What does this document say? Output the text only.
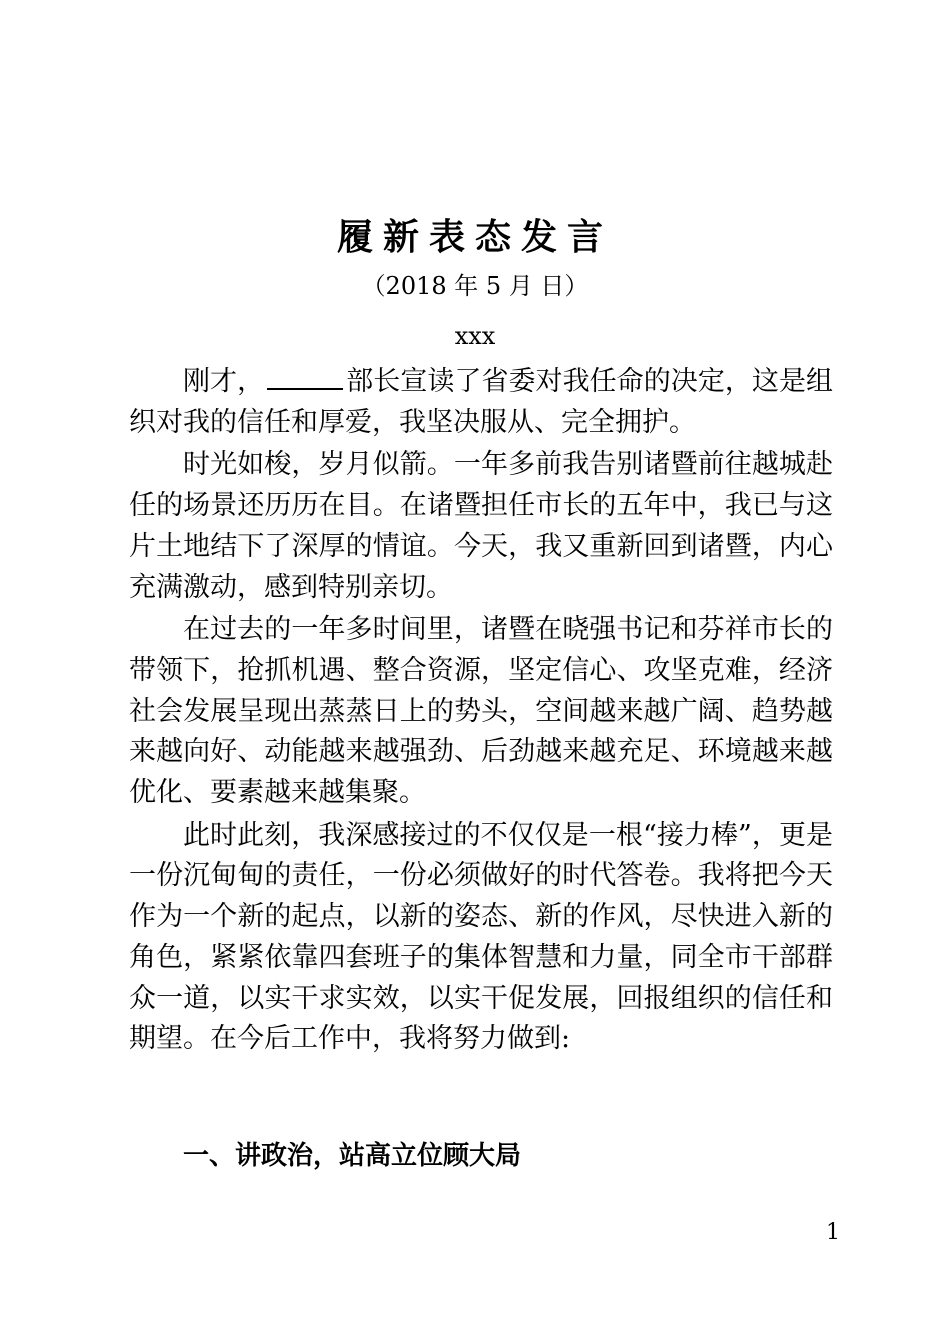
履新表态发言
（2018 年 5 月 日）
xxx

刚才，	部长宣读了省委对我任命的决定，这是组织对我的信任和厚爱，我坚决服从、完全拥护。

时光如梭，岁月似箭。一年多前我告别诸暨前往越城赴任的场景还历历在目。在诸暨担任市长的五年中，我已与这片土地结下了深厚的情谊。今天，我又重新回到诸暨，内心充满激动，感到特别亲切。

在过去的一年多时间里，诸暨在晓强书记和芬祥市长的带领下，抢抓机遇、整合资源，坚定信心、攻坚克难，经济社会发展呈现出蒸蒸日上的势头，空间越来越广阔、趋势越来越向好、动能越来越强劲、后劲越来越充足、环境越来越优化、要素越来越集聚。

此时此刻，我深感接过的不仅仅是一根“接力棒”，更是一份沉甸甸的责任，一份必须做好的时代答卷。我将把今天作为一个新的起点，以新的姿态、新的作风，尽快进入新的角色，紧紧依靠四套班子的集体智慧和力量，同全市干部群众一道，以实干求实效，以实干促发展，回报组织的信任和期望。在今后工作中，我将努力做到:

一、讲政治，站高立位顾大局
1
